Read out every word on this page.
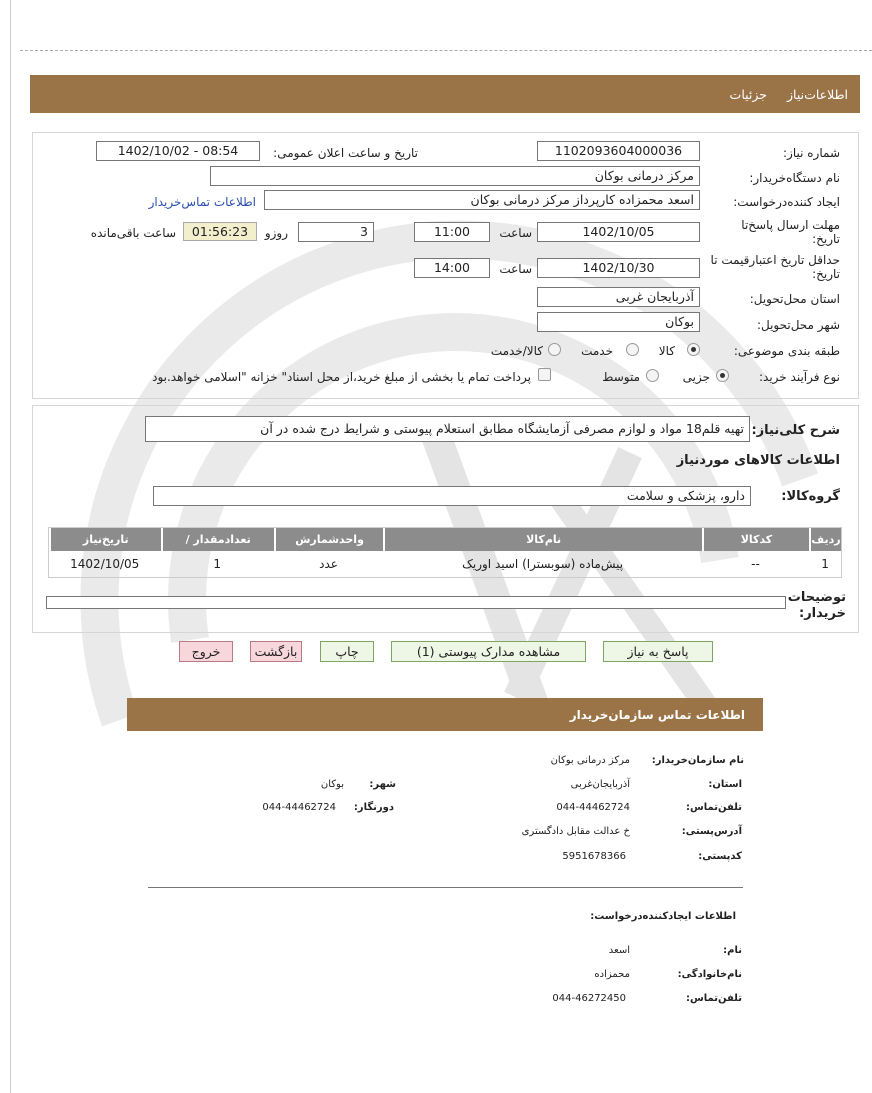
اطلاعات‌نیاز جزئیات
شماره نیاز:
1102093604000036
تاریخ و ساعت اعلان عمومی:
1402/10/02 - 08:54
نام دستگاه‌خریدار:
مرکز درمانی بوکان
ایجاد کننده‌درخواست:
اسعد محمزاده کارپرداز مرکز درمانی بوکان
اطلاعات تماس‌خریدار
مهلت ارسال پاسخ‌تا تاریخ:
1402/10/05
ساعت
11:00
3
روزو
01:56:23
ساعت باقی‌مانده
حداقل تاریخ اعتبار‌قیمت تا تاریخ:
1402/10/30
ساعت
14:00
استان محل‌تحویل:
آذربایجان غربی
شهر محل‌تحویل:
بوکان
طبقه بندی موضوعی:
کالا
خدمت
کالا/خدمت
نوع فرآیند خرید:
جزیی
متوسط
پرداخت تمام یا بخشی از مبلغ خرید،از محل اسناد" خزانه "اسلامی خواهد.بود
شرح کلی‌نیاز:
تهیه قلم18 مواد و لوازم مصرفی آزمایشگاه مطابق استعلام پیوستی و شرایط درج شده در آن
اطلاعات کالاهای موردنیاز
گروه‌کالا:
دارو، پزشکی و سلامت
ردیف	کدکالا	نام‌کالا	واحدشمارش	تعداد‌مقدار /	تاریخ‌نیاز
1	--	پیش‌ماده (سوبسترا) اسید اوریک	عدد	1	1402/10/05
توضیحات خریدار:
پاسخ به نیاز
مشاهده مدارک پیوستی (1)
چاپ
بازگشت
خروج
اطلاعات تماس سازمان‌خریدار
نام سازمان‌خریدار:
مرکز درمانی بوکان
استان:
آذربایجان‌غربی
شهر:
بوکان
تلفن‌تماس:
044-44462724
دورنگار:
044-44462724
آدرس‌پستی:
خ عدالت مقابل دادگستری
کدپستی:
5951678366
اطلاعات ایجادکننده‌درخواست:
نام:
اسعد
نام‌خانوادگی:
محمزاده
تلفن‌تماس:
044-46272450
